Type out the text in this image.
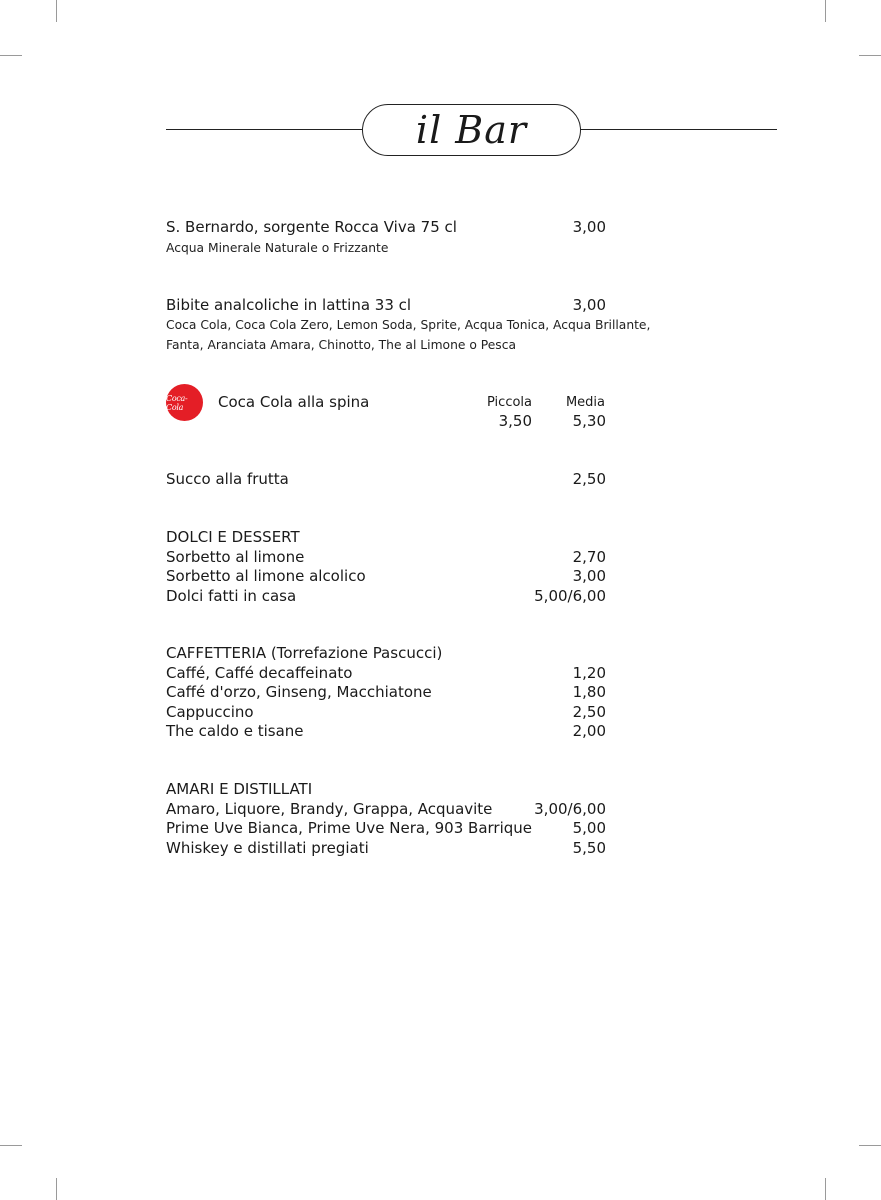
il Bar
S. Bernardo, sorgente Rocca Viva 75 cl	3,00
Acqua Minerale Naturale o Frizzante
Bibite analcoliche in lattina 33 cl	3,00
Coca Cola, Coca Cola Zero, Lemon Soda, Sprite, Acqua Tonica, Acqua Brillante,
Fanta, Aranciata Amara, Chinotto, The al Limone o Pesca
Coca-Cola	Coca Cola alla spina	Piccola	Media
3,50	5,30
Succo alla frutta	2,50
DOLCI E DESSERT
Sorbetto al limone	2,70
Sorbetto al limone alcolico	3,00
Dolci fatti in casa	5,00/6,00
CAFFETTERIA (Torrefazione Pascucci)
Caffé, Caffé decaffeinato	1,20
Caffé d'orzo, Ginseng, Macchiatone	1,80
Cappuccino	2,50
The caldo e tisane	2,00
AMARI E DISTILLATI
Amaro, Liquore, Brandy, Grappa, Acquavite	3,00/6,00
Prime Uve Bianca, Prime Uve Nera, 903 Barrique	5,00
Whiskey e distillati pregiati	5,50
